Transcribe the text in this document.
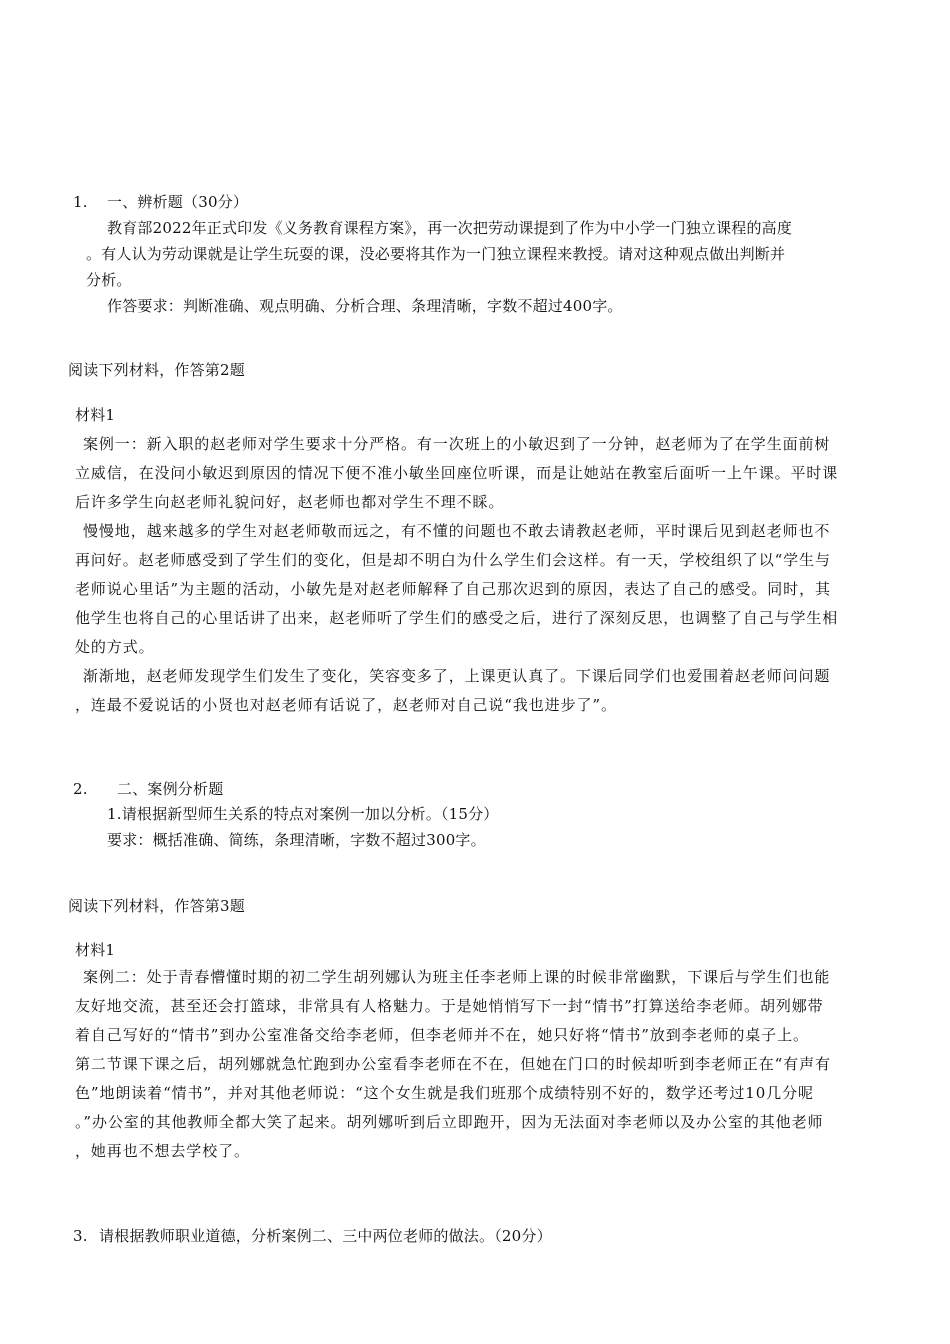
1. 一、辨析题（30分）
教育部2022年正式印发《义务教育课程方案》，再一次把劳动课提到了作为中小学一门独立课程的高度
。有人认为劳动课就是让学生玩耍的课，没必要将其作为一门独立课程来教授。请对这种观点做出判断并
分析。
作答要求：判断准确、观点明确、分析合理、条理清晰，字数不超过400字。
阅读下列材料，作答第2题
材料1
案例一：新入职的赵老师对学生要求十分严格。有一次班上的小敏迟到了一分钟，赵老师为了在学生面前树
立威信，在没问小敏迟到原因的情况下便不准小敏坐回座位听课，而是让她站在教室后面听一上午课。平时课
后许多学生向赵老师礼貌问好，赵老师也都对学生不理不睬。
慢慢地，越来越多的学生对赵老师敬而远之，有不懂的问题也不敢去请教赵老师，平时课后见到赵老师也不
再问好。赵老师感受到了学生们的变化，但是却不明白为什么学生们会这样。有一天，学校组织了以“学生与
老师说心里话”为主题的活动，小敏先是对赵老师解释了自己那次迟到的原因，表达了自己的感受。同时，其
他学生也将自己的心里话讲了出来，赵老师听了学生们的感受之后，进行了深刻反思，也调整了自己与学生相
处的方式。
渐渐地，赵老师发现学生们发生了变化，笑容变多了，上课更认真了。下课后同学们也爱围着赵老师问问题
，连最不爱说话的小贤也对赵老师有话说了，赵老师对自己说“我也进步了”。
2. 二、案例分析题
1.请根据新型师生关系的特点对案例一加以分析。（15分）
要求：概括准确、简练，条理清晰，字数不超过300字。
阅读下列材料，作答第3题
材料1
案例二：处于青春懵懂时期的初二学生胡列娜认为班主任李老师上课的时候非常幽默，下课后与学生们也能
友好地交流，甚至还会打篮球，非常具有人格魅力。于是她悄悄写下一封“情书”打算送给李老师。胡列娜带
着自己写好的“情书”到办公室准备交给李老师，但李老师并不在，她只好将“情书”放到李老师的桌子上。
第二节课下课之后，胡列娜就急忙跑到办公室看李老师在不在，但她在门口的时候却听到李老师正在“有声有
色”地朗读着“情书”，并对其他老师说：“这个女生就是我们班那个成绩特别不好的，数学还考过10几分呢
。”办公室的其他教师全都大笑了起来。胡列娜听到后立即跑开，因为无法面对李老师以及办公室的其他老师
，她再也不想去学校了。
3. 请根据教师职业道德，分析案例二、三中两位老师的做法。（20分）
